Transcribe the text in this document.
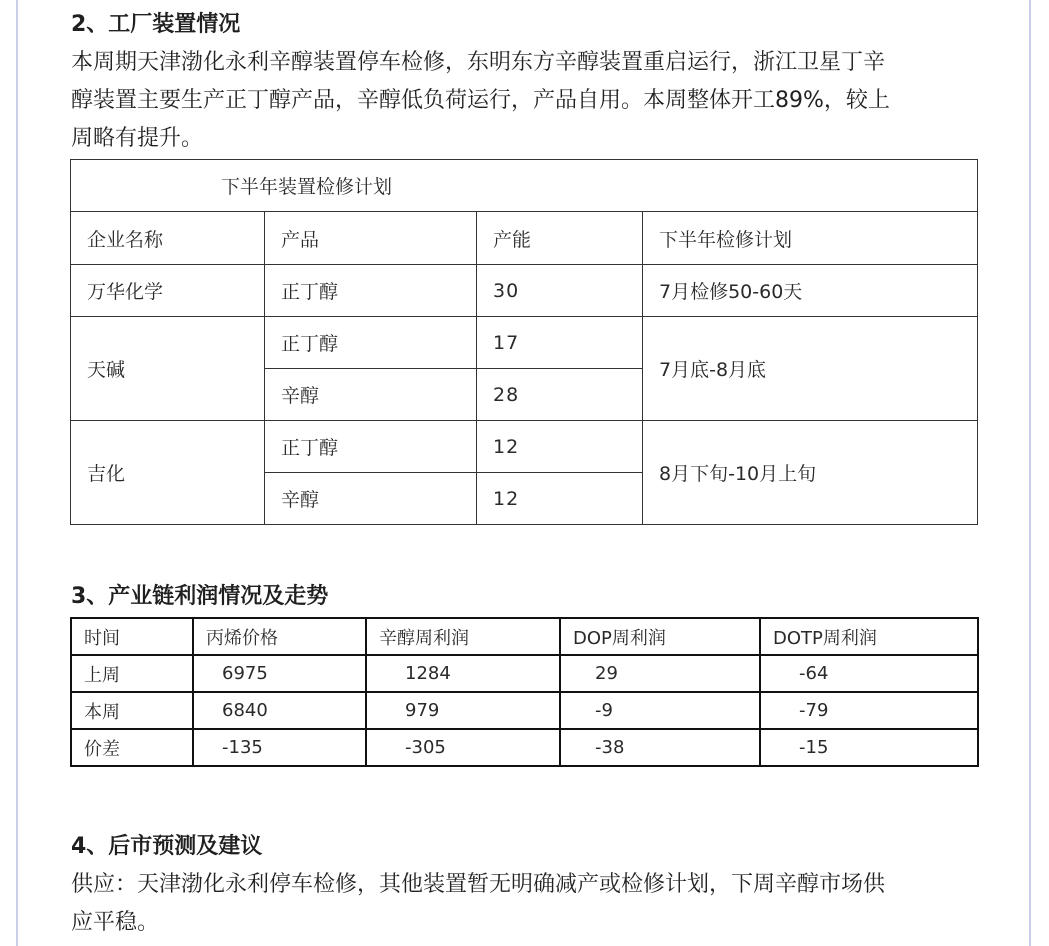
2、工厂装置情况
本周期天津渤化永利辛醇装置停车检修，东明东方辛醇装置重启运行，浙江卫星丁辛
醇装置主要生产正丁醇产品，辛醇低负荷运行，产品自用。本周整体开工89%，较上
周略有提升。
下半年装置检修计划			
企业名称	产品	产能	下半年检修计划
万华化学	正丁醇	30	7月检修50-60天
天碱	正丁醇	17	7月底-8月底
	辛醇	28	
吉化	正丁醇	12	8月下旬-10月上旬
	辛醇	12	
3、产业链利润情况及走势
时间	丙烯价格	辛醇周利润	DOP周利润	DOTP周利润
上周	6975	1284	29	-64
本周	6840	979	-9	-79
价差	-135	-305	-38	-15
4、后市预测及建议
供应：天津渤化永利停车检修，其他装置暂无明确减产或检修计划，下周辛醇市场供
应平稳。
